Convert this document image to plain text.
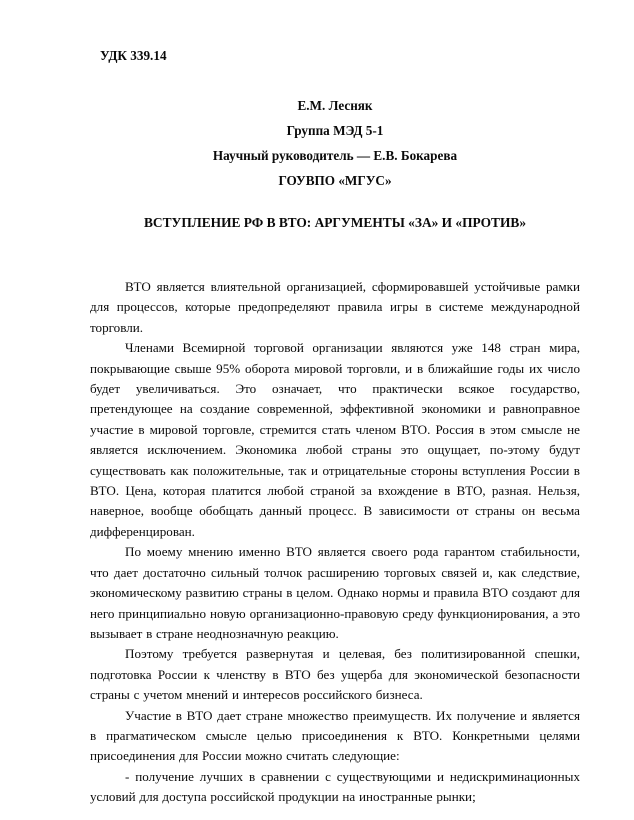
УДК 339.14
Е.М. Лесняк
Группа МЭД 5-1
Научный руководитель — Е.В. Бокарева
ГОУВПО «МГУС»
ВСТУПЛЕНИЕ РФ В ВТО: АРГУМЕНТЫ «ЗА» И «ПРОТИВ»

ВТО является влиятельной организацией, сформировавшей устойчивые рамки для процессов, которые предопределяют правила игры в системе международной торговли.

Членами Всемирной торговой организации являются уже 148 стран мира, покрывающие свыше 95% оборота мировой торговли, и в ближайшие годы их число будет увеличиваться. Это означает, что практически всякое государство, претендующее на создание современной, эффективной экономики и равноправное участие в мировой торговле, стремится стать членом ВТО. Россия в этом смысле не является исключением. Экономика любой страны это ощущает, по-этому будут существовать как положительные, так и отрицательные стороны вступления России в ВТО. Цена, которая платится любой страной за вхождение в ВТО, разная. Нельзя, наверное, вообще обобщать данный процесс. В зависимости от страны он весьма дифференцирован.

По моему мнению именно ВТО является своего рода гарантом стабильности, что дает достаточно сильный толчок расширению торговых связей и, как следствие, экономическому развитию страны в целом. Однако нормы и правила ВТО создают для него принципиально новую организационно-правовую среду функционирования, а это вызывает в стране неоднозначную реакцию.

Поэтому требуется развернутая и целевая, без политизированной спешки, подготовка России к членству в ВТО без ущерба для экономической безопасности страны с учетом мнений и интересов российского бизнеса.

Участие в ВТО дает стране множество преимуществ. Их получение и является в прагматическом смысле целью присоединения к ВТО. Конкретными целями присоединения для России можно считать следующие:

- получение лучших в сравнении с существующими и недискриминационных условий для доступа российской продукции на иностранные рынки;
